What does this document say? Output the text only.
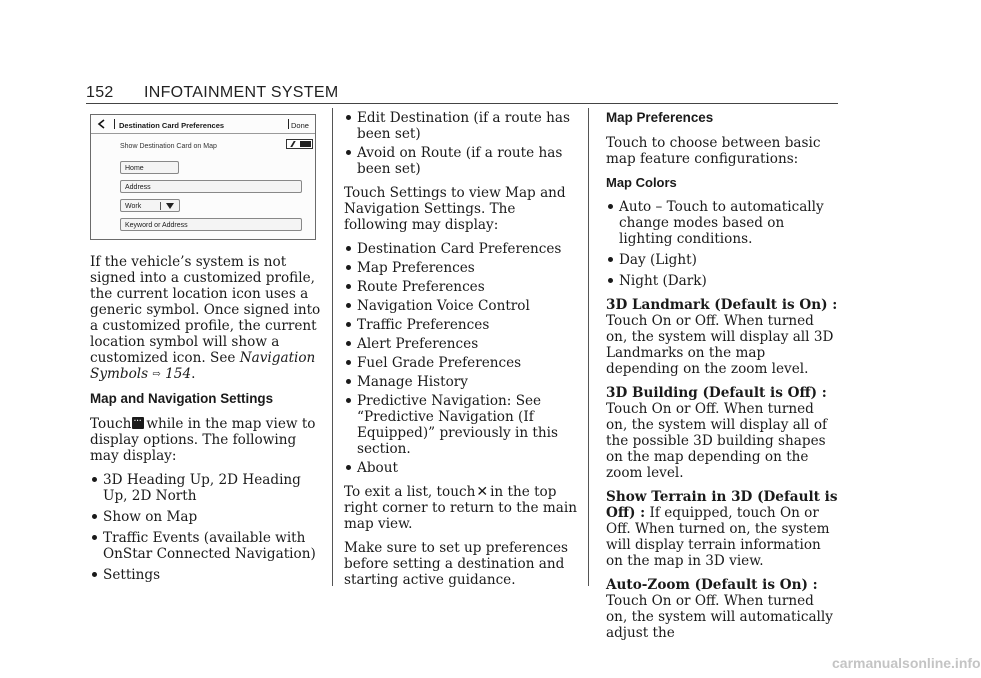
152 INFOTAINMENT SYSTEM
Destination Card Preferences	Done
Show Destination Card on Map
Home
Address
Work
Keyword or Address

If the vehicle’s system is not signed into a customized profile, the current location icon uses a generic symbol. Once signed into a customized profile, the current location symbol will show a customized icon. See Navigation Symbols ⇨ 154.

Map and Navigation Settings

Touch··· while in the map view to display options. The following may display:

3D Heading Up, 2D Heading Up, 2D North
Show on Map
Traffic Events (available with OnStar Connected Navigation)
Settings
Edit Destination (if a route has been set)
Avoid on Route (if a route has been set)

Touch Settings to view Map and Navigation Settings. The following may display:

Destination Card Preferences
Map Preferences
Route Preferences
Navigation Voice Control
Traffic Preferences
Alert Preferences
Fuel Grade Preferences
Manage History
Predictive Navigation: See “Predictive Navigation (If Equipped)” previously in this section.
About

To exit a list, touch✕ in the top right corner to return to the main map view.

Make sure to set up preferences before setting a destination and starting active guidance.

Map Preferences

Touch to choose between basic map feature configurations:

Map Colors
Auto – Touch to automatically change modes based on lighting conditions.
Day (Light)
Night (Dark)

3D Landmark (Default is On) : Touch On or Off. When turned on, the system will display all 3D Landmarks on the map depending on the zoom level.

3D Building (Default is Off) : Touch On or Off. When turned on, the system will display all of the possible 3D building shapes on the map depending on the zoom level.

Show Terrain in 3D (Default is Off) : If equipped, touch On or Off. When turned on, the system will display terrain information on the map in 3D view.

Auto-Zoom (Default is On) : Touch On or Off. When turned on, the system will automatically adjust the

carmanualsonline.info
